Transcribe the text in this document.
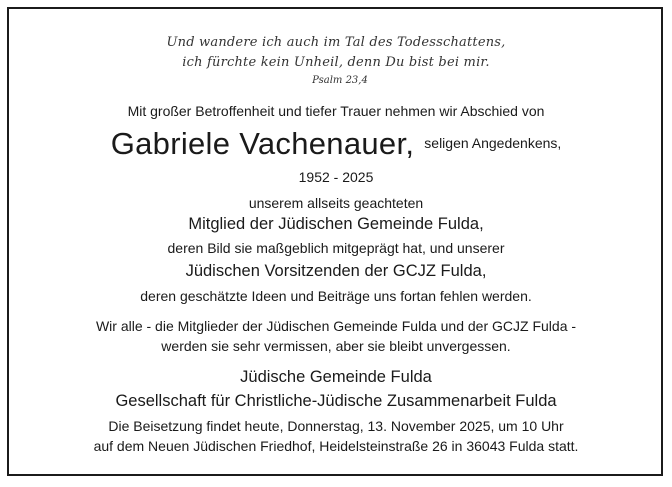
Und wandere ich auch im Tal des Todesschattens,
ich fürchte kein Unheil, denn Du bist bei mir.
Psalm 23,4
Mit großer Betroffenheit und tiefer Trauer nehmen wir Abschied von
Gabriele Vachenauer, seligen Angedenkens,
1952 - 2025
unserem allseits geachteten
Mitglied der Jüdischen Gemeinde Fulda,
deren Bild sie maßgeblich mitgeprägt hat, und unserer
Jüdischen Vorsitzenden der GCJZ Fulda,
deren geschätzte Ideen und Beiträge uns fortan fehlen werden.
Wir alle - die Mitglieder der Jüdischen Gemeinde Fulda und der GCJZ Fulda -
werden sie sehr vermissen, aber sie bleibt unvergessen.
Jüdische Gemeinde Fulda
Gesellschaft für Christliche-Jüdische Zusammenarbeit Fulda
Die Beisetzung findet heute, Donnerstag, 13. November 2025, um 10 Uhr
auf dem Neuen Jüdischen Friedhof, Heidelsteinstraße 26 in 36043 Fulda statt.
